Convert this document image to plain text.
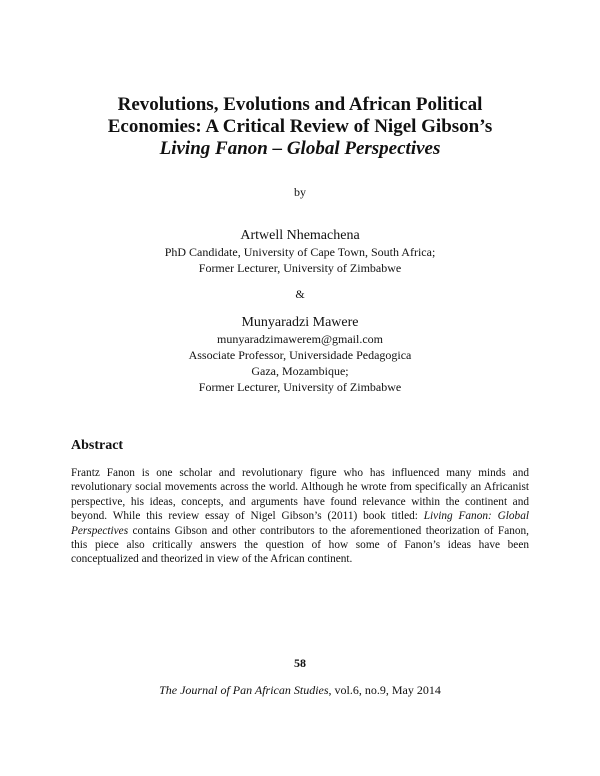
Revolutions, Evolutions and African Political
Economies: A Critical Review of Nigel Gibson’s
Living Fanon – Global Perspectives
by
Artwell Nhemachena
PhD Candidate, University of Cape Town, South Africa;
Former Lecturer, University of Zimbabwe
&
Munyaradzi Mawere
munyaradzimawerem@gmail.com
Associate Professor, Universidade Pedagogica
Gaza, Mozambique;
Former Lecturer, University of Zimbabwe
Abstract
Frantz Fanon is one scholar and revolutionary figure who has influenced many minds and revolutionary social movements across the world. Although he wrote from specifically an Africanist perspective, his ideas, concepts, and arguments have found relevance within the continent and beyond. While this review essay of Nigel Gibson’s (2011) book titled: Living Fanon: Global Perspectives contains Gibson and other contributors to the aforementioned theorization of Fanon, this piece also critically answers the question of how some of Fanon’s ideas have been conceptualized and theorized in view of the African continent.
58
The Journal of Pan African Studies, vol.6, no.9, May 2014
